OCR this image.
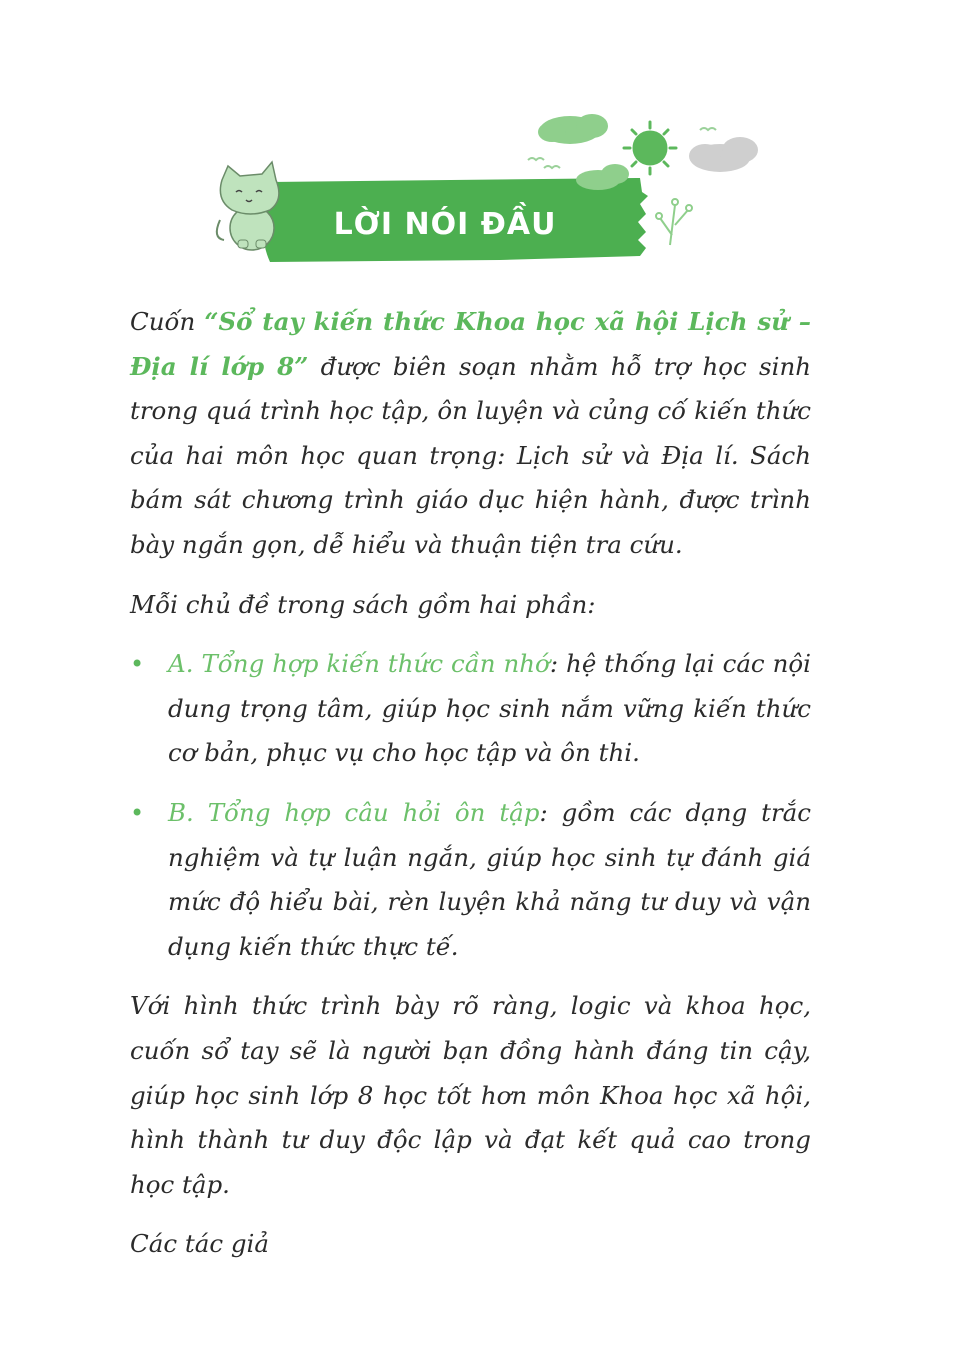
LỜI NÓI ĐẦU

Cuốn “Sổ tay kiến thức Khoa học xã hội Lịch sử – Địa lí lớp 8” được biên soạn nhằm hỗ trợ học sinh trong quá trình học tập, ôn luyện và củng cố kiến thức của hai môn học quan trọng: Lịch sử và Địa lí. Sách bám sát chương trình giáo dục hiện hành, được trình bày ngắn gọn, dễ hiểu và thuận tiện tra cứu.

Mỗi chủ đề trong sách gồm hai phần:

• A. Tổng hợp kiến thức cần nhớ: hệ thống lại các nội dung trọng tâm, giúp học sinh nắm vững kiến thức cơ bản, phục vụ cho học tập và ôn thi.
• B. Tổng hợp câu hỏi ôn tập: gồm các dạng trắc nghiệm và tự luận ngắn, giúp học sinh tự đánh giá mức độ hiểu bài, rèn luyện khả năng tư duy và vận dụng kiến thức thực tế.

Với hình thức trình bày rõ ràng, logic và khoa học, cuốn sổ tay sẽ là người bạn đồng hành đáng tin cậy, giúp học sinh lớp 8 học tốt hơn môn Khoa học xã hội, hình thành tư duy độc lập và đạt kết quả cao trong học tập.

Các tác giả
